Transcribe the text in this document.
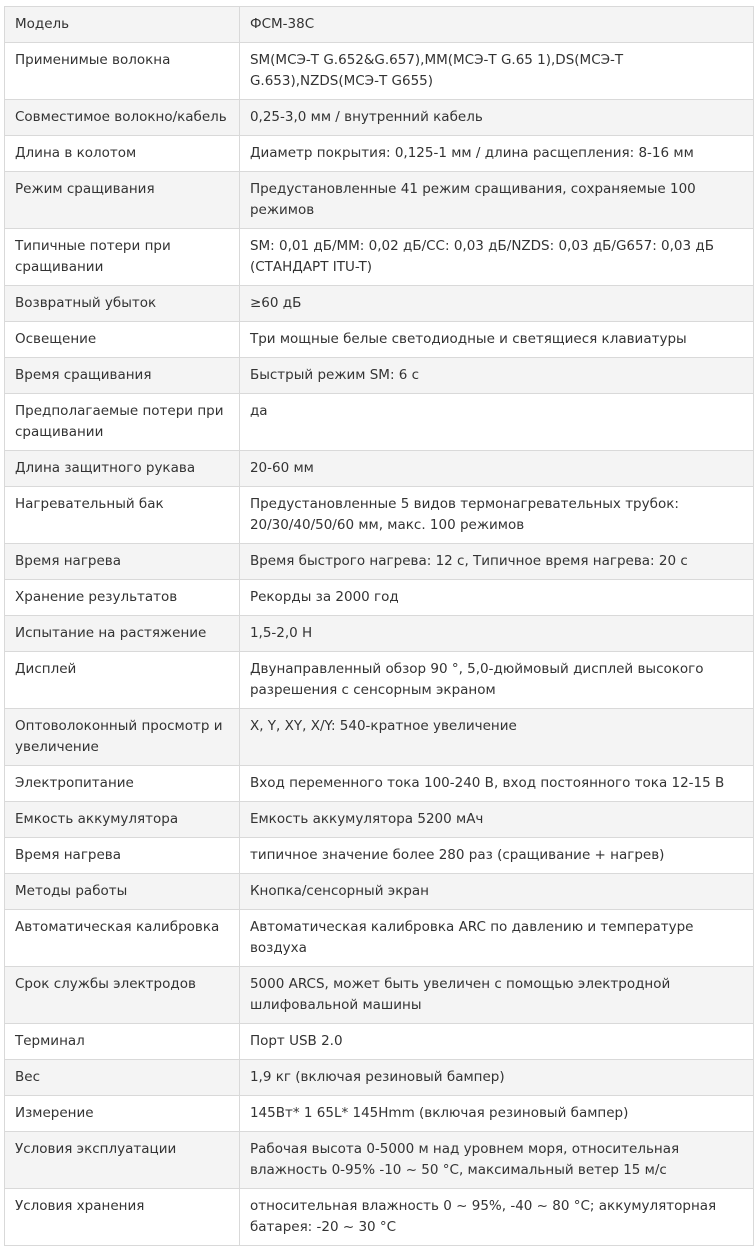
Модель	ФСМ-38C
Применимые волокна	SM(МСЭ-T G.652&G.657),MM(МСЭ-T G.65 1),DS(МСЭ-T G.653),NZDS(МСЭ-T G655)
Совместимое волокно/кабель	0,25-3,0 мм / внутренний кабель
Длина в колотом	Диаметр покрытия: 0,125-1 мм / длина расщепления: 8-16 мм
Режим сращивания	Предустановленные 41 режим сращивания, сохраняемые 100 режимов
Типичные потери при сращивании	SM: 0,01 дБ/ММ: 0,02 дБ/СС: 0,03 дБ/NZDS: 0,03 дБ/G657: 0,03 дБ (СТАНДАРТ ITU-T)
Возвратный убыток	≥60 дБ
Освещение	Три мощные белые светодиодные и светящиеся клавиатуры
Время сращивания	Быстрый режим SM: 6 с
Предполагаемые потери при сращивании	да
Длина защитного рукава	20-60 мм
Нагревательный бак	Предустановленные 5 видов термонагревательных трубок: 20/30/40/50/60 мм, макс. 100 режимов
Время нагрева	Время быстрого нагрева: 12 с, Типичное время нагрева: 20 с
Хранение результатов	Рекорды за 2000 год
Испытание на растяжение	1,5-2,0 Н
Дисплей	Двунаправленный обзор 90 °, 5,0-дюймовый дисплей высокого разрешения с сенсорным экраном
Оптоволоконный просмотр и увеличение	X, Y, XY, X/Y: 540-кратное увеличение
Электропитание	Вход переменного тока 100-240 В, вход постоянного тока 12-15 В
Емкость аккумулятора	Емкость аккумулятора 5200 мАч
Время нагрева	типичное значение более 280 раз (сращивание + нагрев)
Методы работы	Кнопка/сенсорный экран
Автоматическая калибровка	Автоматическая калибровка ARC по давлению и температуре воздуха
Срок службы электродов	5000 ARCS, может быть увеличен с помощью электродной шлифовальной машины
Терминал	Порт USB 2.0
Вес	1,9 кг (включая резиновый бампер)
Измерение	145Вт* 1 65L* 145Hmm (включая резиновый бампер)
Условия эксплуатации	Рабочая высота 0-5000 м над уровнем моря, относительная влажность 0-95% -10 ~ 50 °C, максимальный ветер 15 м/с
Условия хранения	относительная влажность 0 ~ 95%, -40 ~ 80 °C; аккумуляторная батарея: -20 ~ 30 °C
